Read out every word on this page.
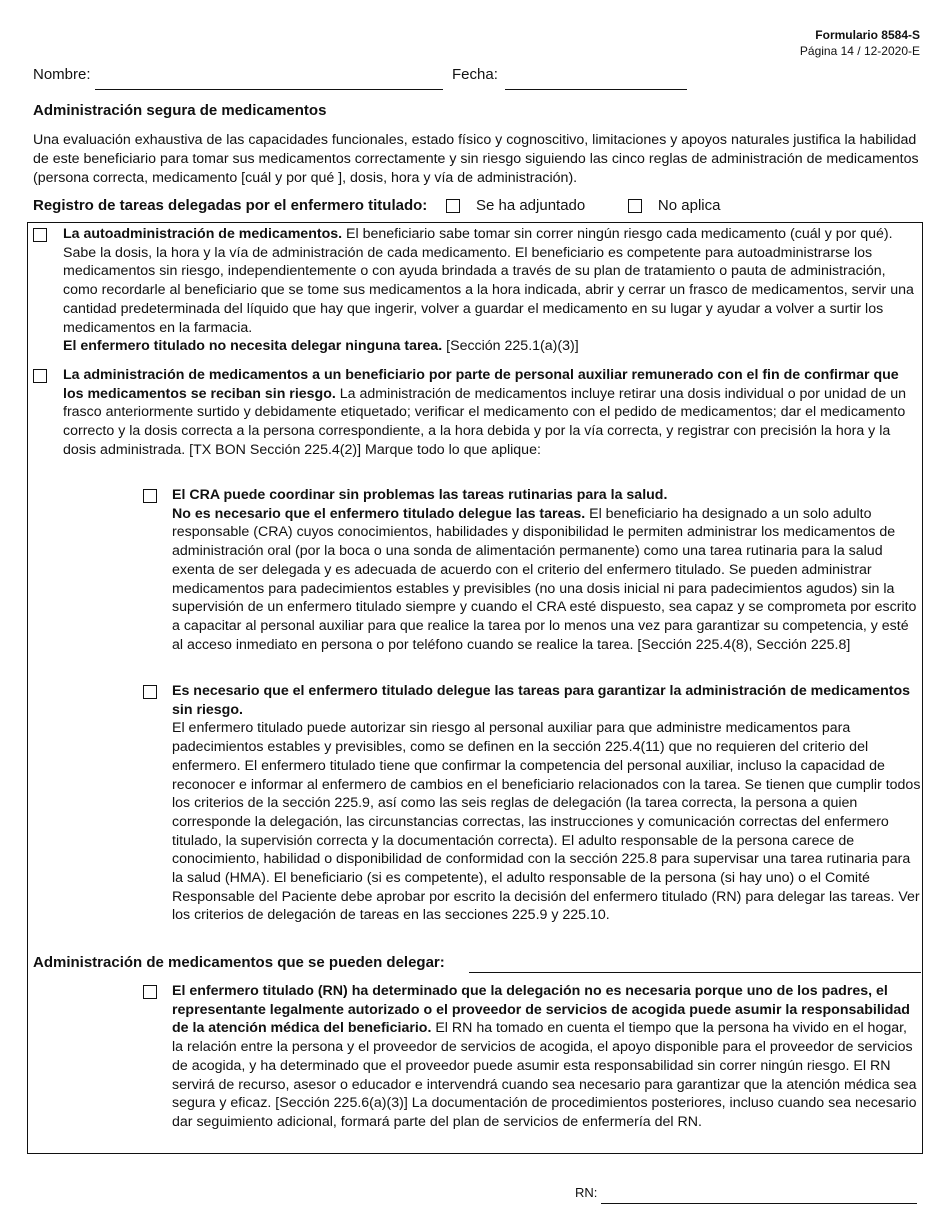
Formulario 8584-S
Página 14 / 12-2020-E
Nombre:	Fecha:
Administración segura de medicamentos
Una evaluación exhaustiva de las capacidades funcionales, estado físico y cognoscitivo, limitaciones y apoyos naturales justifica la habilidad de este beneficiario para tomar sus medicamentos correctamente y sin riesgo siguiendo las cinco reglas de administración de medicamentos (persona correcta, medicamento [cuál y por qué ], dosis, hora y vía de administración).
Registro de tareas delegadas por el enfermero titulado:	Se ha adjuntado	No aplica
La autoadministración de medicamentos. El beneficiario sabe tomar sin correr ningún riesgo cada medicamento (cuál y por qué). Sabe la dosis, la hora y la vía de administración de cada medicamento. El beneficiario es competente para autoadministrarse los medicamentos sin riesgo, independientemente o con ayuda brindada a través de su plan de tratamiento o pauta de administración, como recordarle al beneficiario que se tome sus medicamentos a la hora indicada, abrir y cerrar un frasco de medicamentos, servir una cantidad predeterminada del líquido que hay que ingerir, volver a guardar el medicamento en su lugar y ayudar a volver a surtir los medicamentos en la farmacia.
El enfermero titulado no necesita delegar ninguna tarea. [Sección 225.1(a)(3)]
La administración de medicamentos a un beneficiario por parte de personal auxiliar remunerado con el fin de confirmar que los medicamentos se reciban sin riesgo. La administración de medicamentos incluye retirar una dosis individual o por unidad de un frasco anteriormente surtido y debidamente etiquetado; verificar el medicamento con el pedido de medicamentos; dar el medicamento correcto y la dosis correcta a la persona correspondiente, a la hora debida y por la vía correcta, y registrar con precisión la hora y la dosis administrada. [TX BON Sección 225.4(2)] Marque todo lo que aplique:
El CRA puede coordinar sin problemas las tareas rutinarias para la salud.
No es necesario que el enfermero titulado delegue las tareas. El beneficiario ha designado a un solo adulto responsable (CRA) cuyos conocimientos, habilidades y disponibilidad le permiten administrar los medicamentos de administración oral (por la boca o una sonda de alimentación permanente) como una tarea rutinaria para la salud exenta de ser delegada y es adecuada de acuerdo con el criterio del enfermero titulado. Se pueden administrar medicamentos para padecimientos estables y previsibles (no una dosis inicial ni para padecimientos agudos) sin la supervisión de un enfermero titulado siempre y cuando el CRA esté dispuesto, sea capaz y se comprometa por escrito a capacitar al personal auxiliar para que realice la tarea por lo menos una vez para garantizar su competencia, y esté al acceso inmediato en persona o por teléfono cuando se realice la tarea. [Sección 225.4(8), Sección 225.8]
Es necesario que el enfermero titulado delegue las tareas para garantizar la administración de medicamentos sin riesgo.
El enfermero titulado puede autorizar sin riesgo al personal auxiliar para que administre medicamentos para padecimientos estables y previsibles, como se definen en la sección 225.4(11) que no requieren del criterio del enfermero. El enfermero titulado tiene que confirmar la competencia del personal auxiliar, incluso la capacidad de reconocer e informar al enfermero de cambios en el beneficiario relacionados con la tarea. Se tienen que cumplir todos los criterios de la sección 225.9, así como las seis reglas de delegación (la tarea correcta, la persona a quien corresponde la delegación, las circunstancias correctas, las instrucciones y comunicación correctas del enfermero titulado, la supervisión correcta y la documentación correcta). El adulto responsable de la persona carece de conocimiento, habilidad o disponibilidad de conformidad con la sección 225.8 para supervisar una tarea rutinaria para la salud (HMA). El beneficiario (si es competente), el adulto responsable de la persona (si hay uno) o el Comité Responsable del Paciente debe aprobar por escrito la decisión del enfermero titulado (RN) para delegar las tareas. Ver los criterios de delegación de tareas en las secciones 225.9 y 225.10.
Administración de medicamentos que se pueden delegar:
El enfermero titulado (RN) ha determinado que la delegación no es necesaria porque uno de los padres, el representante legalmente autorizado o el proveedor de servicios de acogida puede asumir la responsabilidad de la atención médica del beneficiario. El RN ha tomado en cuenta el tiempo que la persona ha vivido en el hogar, la relación entre la persona y el proveedor de servicios de acogida, el apoyo disponible para el proveedor de servicios de acogida, y ha determinado que el proveedor puede asumir esta responsabilidad sin correr ningún riesgo. El RN servirá de recurso, asesor o educador e intervendrá cuando sea necesario para garantizar que la atención médica sea segura y eficaz. [Sección 225.6(a)(3)] La documentación de procedimientos posteriores, incluso cuando sea necesario dar seguimiento adicional, formará parte del plan de servicios de enfermería del RN.
RN:
